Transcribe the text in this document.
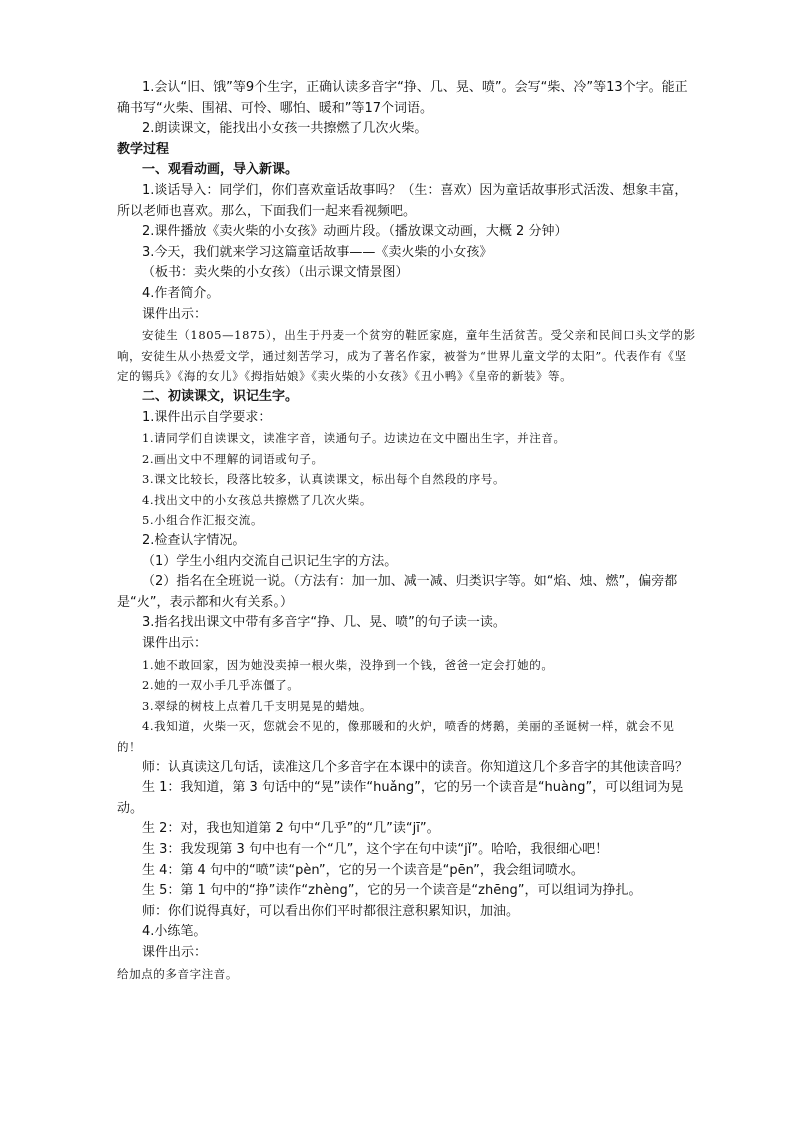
1.会认“旧、饿”等9个生字，正确认读多音字“挣、几、晃、喷”。会写“柴、冷”等13个字。能正确书写“火柴、围裙、可怜、哪怕、暖和”等17个词语。

2.朗读课文，能找出小女孩一共擦燃了几次火柴。

教学过程

一、观看动画，导入新课。

1.谈话导入：同学们，你们喜欢童话故事吗？（生：喜欢）因为童话故事形式活泼、想象丰富，所以老师也喜欢。那么，下面我们一起来看视频吧。

2.课件播放《卖火柴的小女孩》动画片段。（播放课文动画，大概 2 分钟）

3.今天，我们就来学习这篇童话故事——《卖火柴的小女孩》

（板书：卖火柴的小女孩）（出示课文情景图）

4.作者简介。

课件出示：

安徒生（1805—1875），出生于丹麦一个贫穷的鞋匠家庭，童年生活贫苦。受父亲和民间口头文学的影响，安徒生从小热爱文学，通过刻苦学习，成为了著名作家，被誉为“世界儿童文学的太阳”。代表作有《坚定的锡兵》《海的女儿》《拇指姑娘》《卖火柴的小女孩》《丑小鸭》《皇帝的新装》等。

二、初读课文，识记生字。

1.课件出示自学要求：

1.请同学们自读课文，读准字音，读通句子。边读边在文中圈出生字，并注音。

2.画出文中不理解的词语或句子。

3.课文比较长，段落比较多，认真读课文，标出每个自然段的序号。

4.找出文中的小女孩总共擦燃了几次火柴。

5.小组合作汇报交流。

2.检查认字情况。

（1）学生小组内交流自己识记生字的方法。

（2）指名在全班说一说。（方法有：加一加、减一减、归类识字等。如“焰、烛、燃”，偏旁都是“火”，表示都和火有关系。）

3.指名找出课文中带有多音字“挣、几、晃、喷”的句子读一读。

课件出示：

1.她不敢回家，因为她没卖掉一根火柴，没挣到一个钱，爸爸一定会打她的。

2.她的一双小手几乎冻僵了。

3.翠绿的树枝上点着几千支明晃晃的蜡烛。

4.我知道，火柴一灭，您就会不见的，像那暖和的火炉，喷香的烤鹅，美丽的圣诞树一样，就会不见的！

师：认真读这几句话，读准这几个多音字在本课中的读音。你知道这几个多音字的其他读音吗？

生 1：我知道，第 3 句话中的“晃”读作“huǎng”，它的另一个读音是“huàng”，可以组词为晃动。

生 2：对，我也知道第 2 句中“几乎”的“几”读“jī”。

生 3：我发现第 3 句中也有一个“几”，这个字在句中读“jǐ”。哈哈，我很细心吧！

生 4：第 4 句中的“喷”读“pèn”，它的另一个读音是“pēn”，我会组词喷水。

生 5：第 1 句中的“挣”读作“zhèng”，它的另一个读音是“zhēng”，可以组词为挣扎。

师：你们说得真好，可以看出你们平时都很注意积累知识，加油。

4.小练笔。

课件出示：

给加点的多音字注音。
